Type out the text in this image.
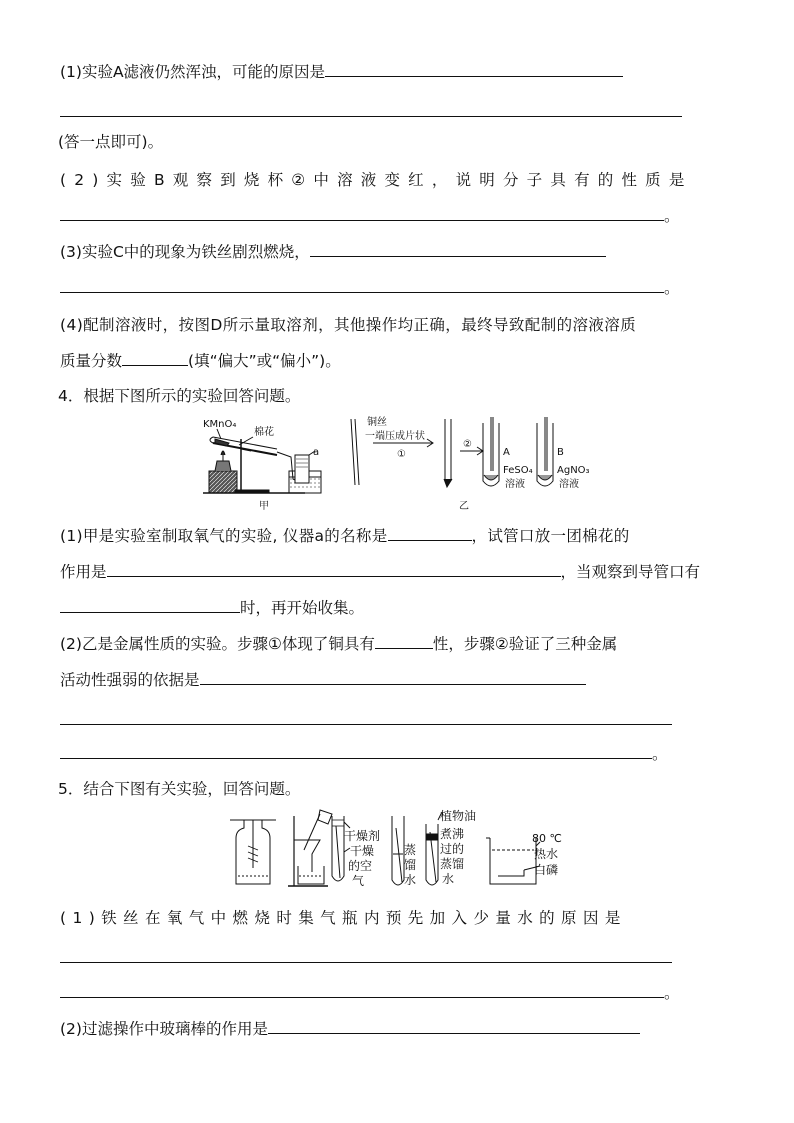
(1)实验A滤液仍然浑浊，可能的原因是
(答一点即可)。
(2)实验B观察到烧杯②中溶液变红，说明分子具有的性质是
。
(3)实验C中的现象为铁丝剧烈燃烧，
。
(4)配制溶液时，按图D所示量取溶剂，其他操作均正确，最终导致配制的溶液溶质
质量分数	(填“偏大”或“偏小”)。
4．根据下图所示的实验回答问题。
KMnO₄
棉花
a
甲
铜丝
一端压成片状
①
②
A
FeSO₄
溶液
B
AgNO₃
溶液
乙
(1)甲是实验室制取氧气的实验, 仪器a的名称是	，试管口放一团棉花的
作用是	，当观察到导管口有
时，再开始收集。
(2)乙是金属性质的实验。步骤①体现了铜具有	性，步骤②验证了三种金属
活动性强弱的依据是
。
5．结合下图有关实验，回答问题。
干燥剂
干燥
的空
气
植物油
蒸
馏
水
煮沸
过的
蒸馏
水
80 ℃
热水
白磷
(1)铁丝在氧气中燃烧时集气瓶内预先加入少量水的原因是
。
(2)过滤操作中玻璃棒的作用是
